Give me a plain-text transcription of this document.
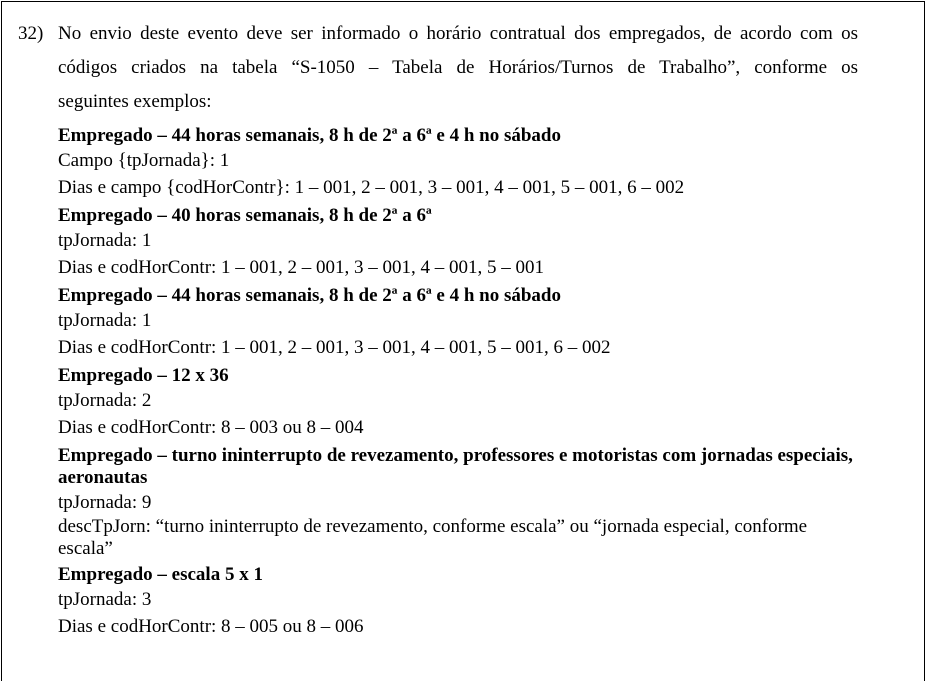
32) No envio deste evento deve ser informado o horário contratual dos empregados, de acordo com os
códigos criados na tabela “S-1050 – Tabela de Horários/Turnos de Trabalho”, conforme os
seguintes exemplos:

Empregado – 44 horas semanais, 8 h de 2ª a 6ª e 4 h no sábado

Campo {tpJornada}: 1

Dias e campo {codHorContr}: 1 – 001, 2 – 001, 3 – 001, 4 – 001, 5 – 001, 6 – 002

Empregado – 40 horas semanais, 8 h de 2ª a 6ª

tpJornada: 1

Dias e codHorContr: 1 – 001, 2 – 001, 3 – 001, 4 – 001, 5 – 001

Empregado – 44 horas semanais, 8 h de 2ª a 6ª e 4 h no sábado

tpJornada: 1

Dias e codHorContr: 1 – 001, 2 – 001, 3 – 001, 4 – 001, 5 – 001, 6 – 002

Empregado – 12 x 36

tpJornada: 2

Dias e codHorContr: 8 – 003 ou 8 – 004

Empregado – turno ininterrupto de revezamento, professores e motoristas com jornadas especiais, aeronautas

tpJornada: 9

descTpJorn: “turno ininterrupto de revezamento, conforme escala” ou “jornada especial, conforme escala”

Empregado – escala 5 x 1

tpJornada: 3

Dias e codHorContr: 8 – 005 ou 8 – 006
